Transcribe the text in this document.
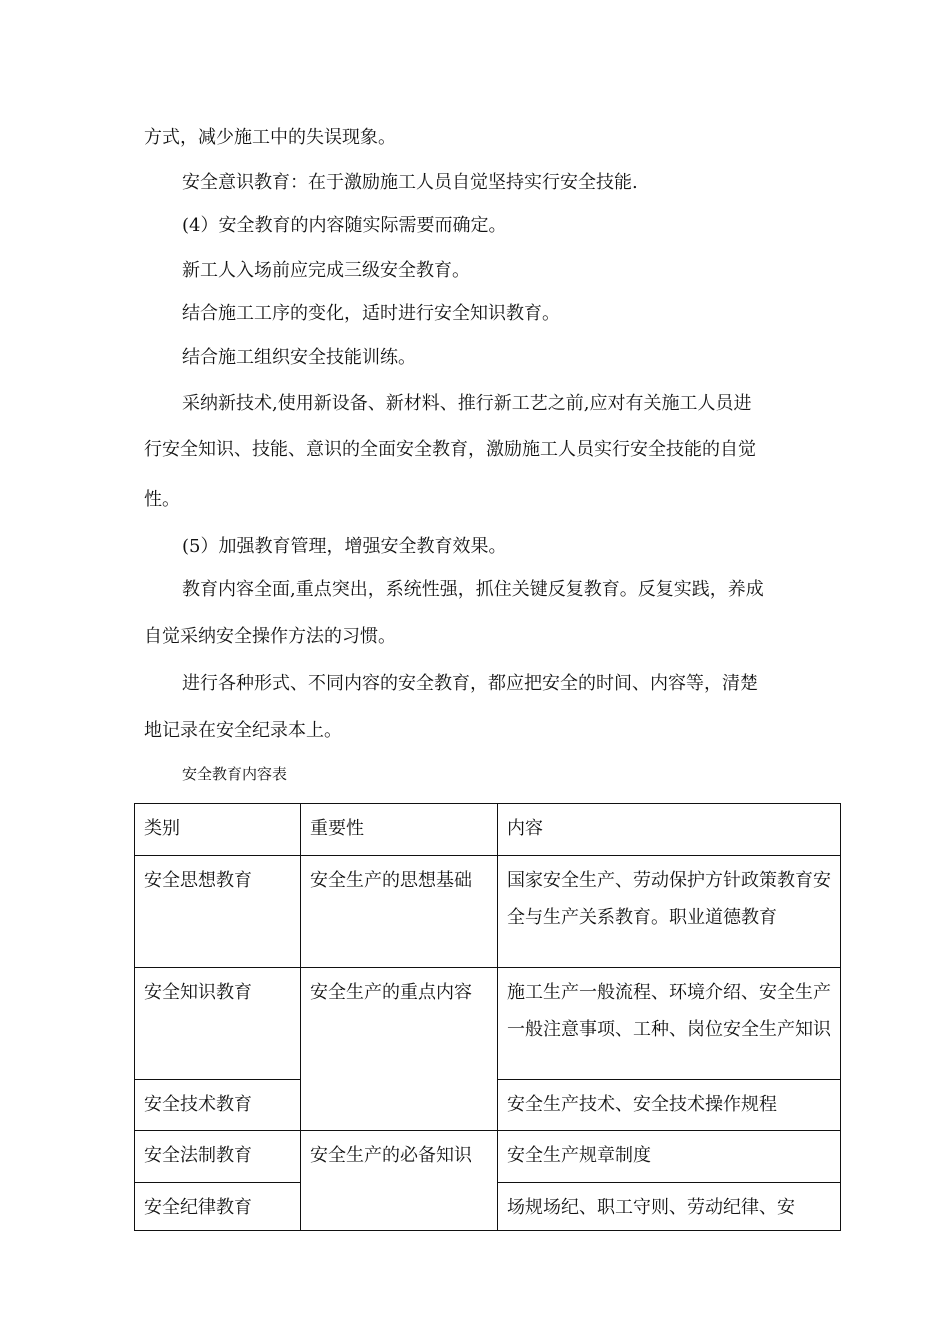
方式，减少施工中的失误现象。
安全意识教育：在于激励施工人员自觉坚持实行安全技能.
(4）安全教育的内容随实际需要而确定。
新工人入场前应完成三级安全教育。
结合施工工序的变化，适时进行安全知识教育。
结合施工组织安全技能训练。
采纳新技术,使用新设备、新材料、推行新工艺之前,应对有关施工人员进
行安全知识、技能、意识的全面安全教育，激励施工人员实行安全技能的自觉
性。
(5）加强教育管理，增强安全教育效果。
教育内容全面,重点突出，系统性强，抓住关键反复教育。反复实践，养成
自觉采纳安全操作方法的习惯。
进行各种形式、不同内容的安全教育，都应把安全的时间、内容等，清楚
地记录在安全纪录本上。
安全教育内容表
类别	重要性	内容
安全思想教育	安全生产的思想基础	国家安全生产、劳动保护方针政策教育安全与生产关系教育。职业道德教育
安全知识教育	安全生产的重点内容	施工生产一般流程、环境介绍、安全生产一般注意事项、工种、岗位安全生产知识
安全技术教育		安全生产技术、安全技术操作规程
安全法制教育	安全生产的必备知识	安全生产规章制度
安全纪律教育		场规场纪、职工守则、劳动纪律、安
